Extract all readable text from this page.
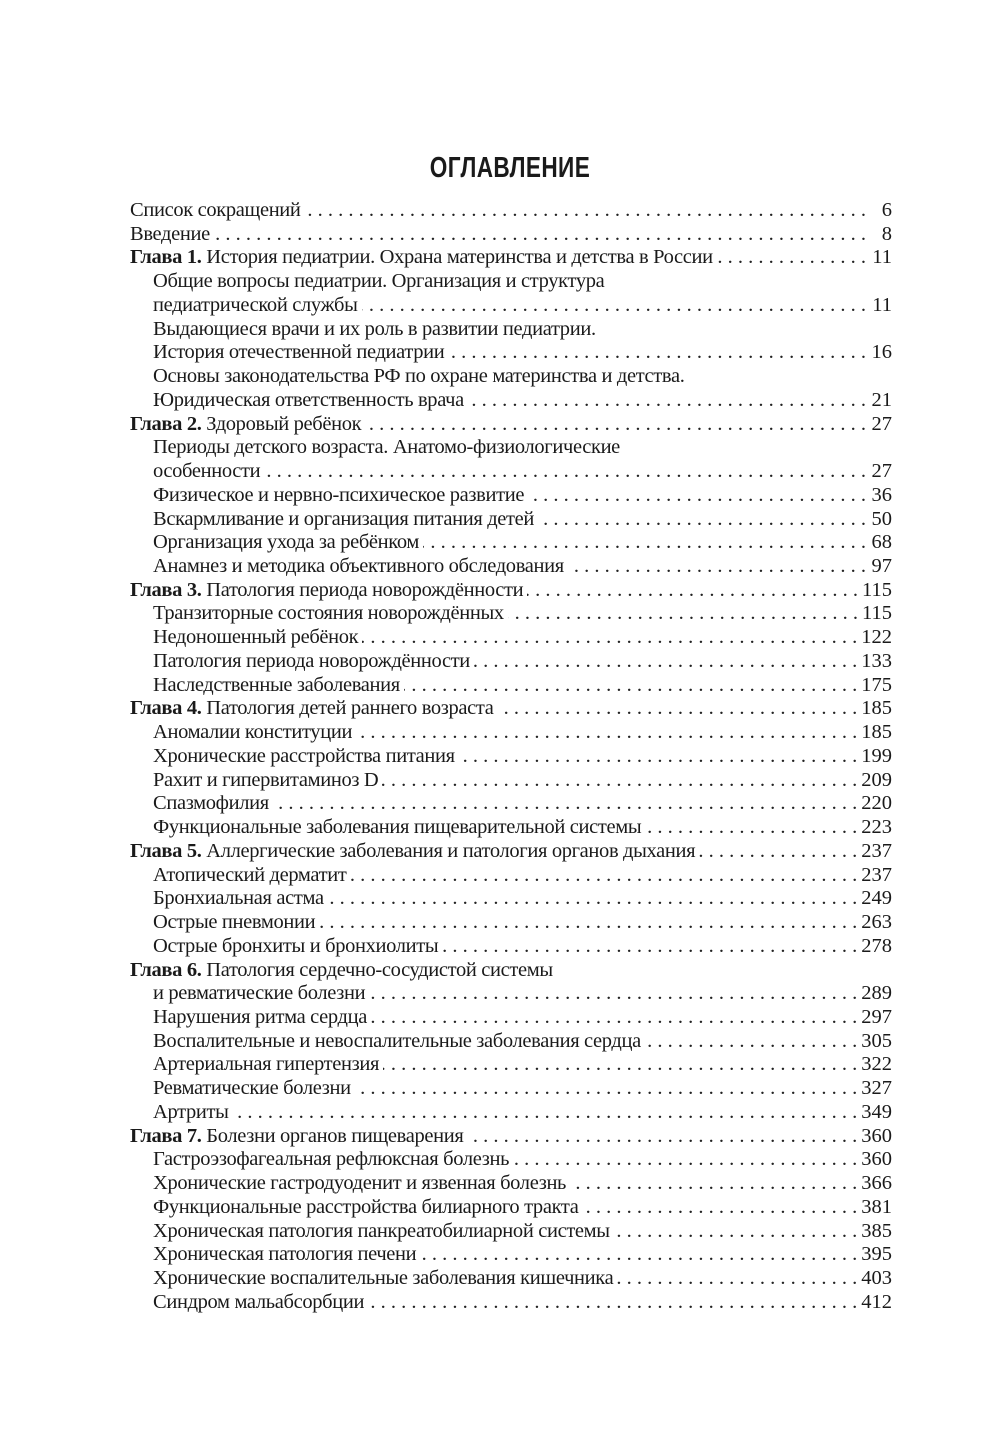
ОГЛАВЛЕНИЕ
Список сокращений . . .	6
Введение . . .	8
Глава 1. История педиатрии. Охрана материнства и детства в России . . .	11
Общие вопросы педиатрии. Организация и структура
педиатрической службы . . .	11
Выдающиеся врачи и их роль в развитии педиатрии.
История отечественной педиатрии . . .	16
Основы законодательства РФ по охране материнства и детства.
Юридическая ответственность врача . . .	21
Глава 2. Здоровый ребёнок . . .	27
Периоды детского возраста. Анатомо-физиологические
особенности . . .	27
Физическое и нервно-психическое развитие . . .	36
Вскармливание и организация питания детей . . .	50
Организация ухода за ребёнком . . .	68
Анамнез и методика объективного обследования . . .	97
Глава 3. Патология периода новорождённости . . .	115
Транзиторные состояния новорождённых . . .	115
Недоношенный ребёнок . . .	122
Патология периода новорождённости . . .	133
Наследственные заболевания . . .	175
Глава 4. Патология детей раннего возраста . . .	185
Аномалии конституции . . .	185
Хронические расстройства питания . . .	199
Рахит и гипервитаминоз D . . .	209
Спазмофилия . . .	220
Функциональные заболевания пищеварительной системы . . .	223
Глава 5. Аллергические заболевания и патология органов дыхания . . .	237
Атопический дерматит . . .	237
Бронхиальная астма . . .	249
Острые пневмонии . . .	263
Острые бронхиты и бронхиолиты . . .	278
Глава 6. Патология сердечно-сосудистой системы
и ревматические болезни . . .	289
Нарушения ритма сердца . . .	297
Воспалительные и невоспалительные заболевания сердца . . .	305
Артериальная гипертензия . . .	322
Ревматические болезни . . .	327
Артриты . . .	349
Глава 7. Болезни органов пищеварения . . .	360
Гастроэзофагеальная рефлюксная болезнь . . .	360
Хронические гастродуоденит и язвенная болезнь . . .	366
Функциональные расстройства билиарного тракта . . .	381
Хроническая патология панкреатобилиарной системы . . .	385
Хроническая патология печени . . .	395
Хронические воспалительные заболевания кишечника . . .	403
Синдром мальабсорбции . . .	412
